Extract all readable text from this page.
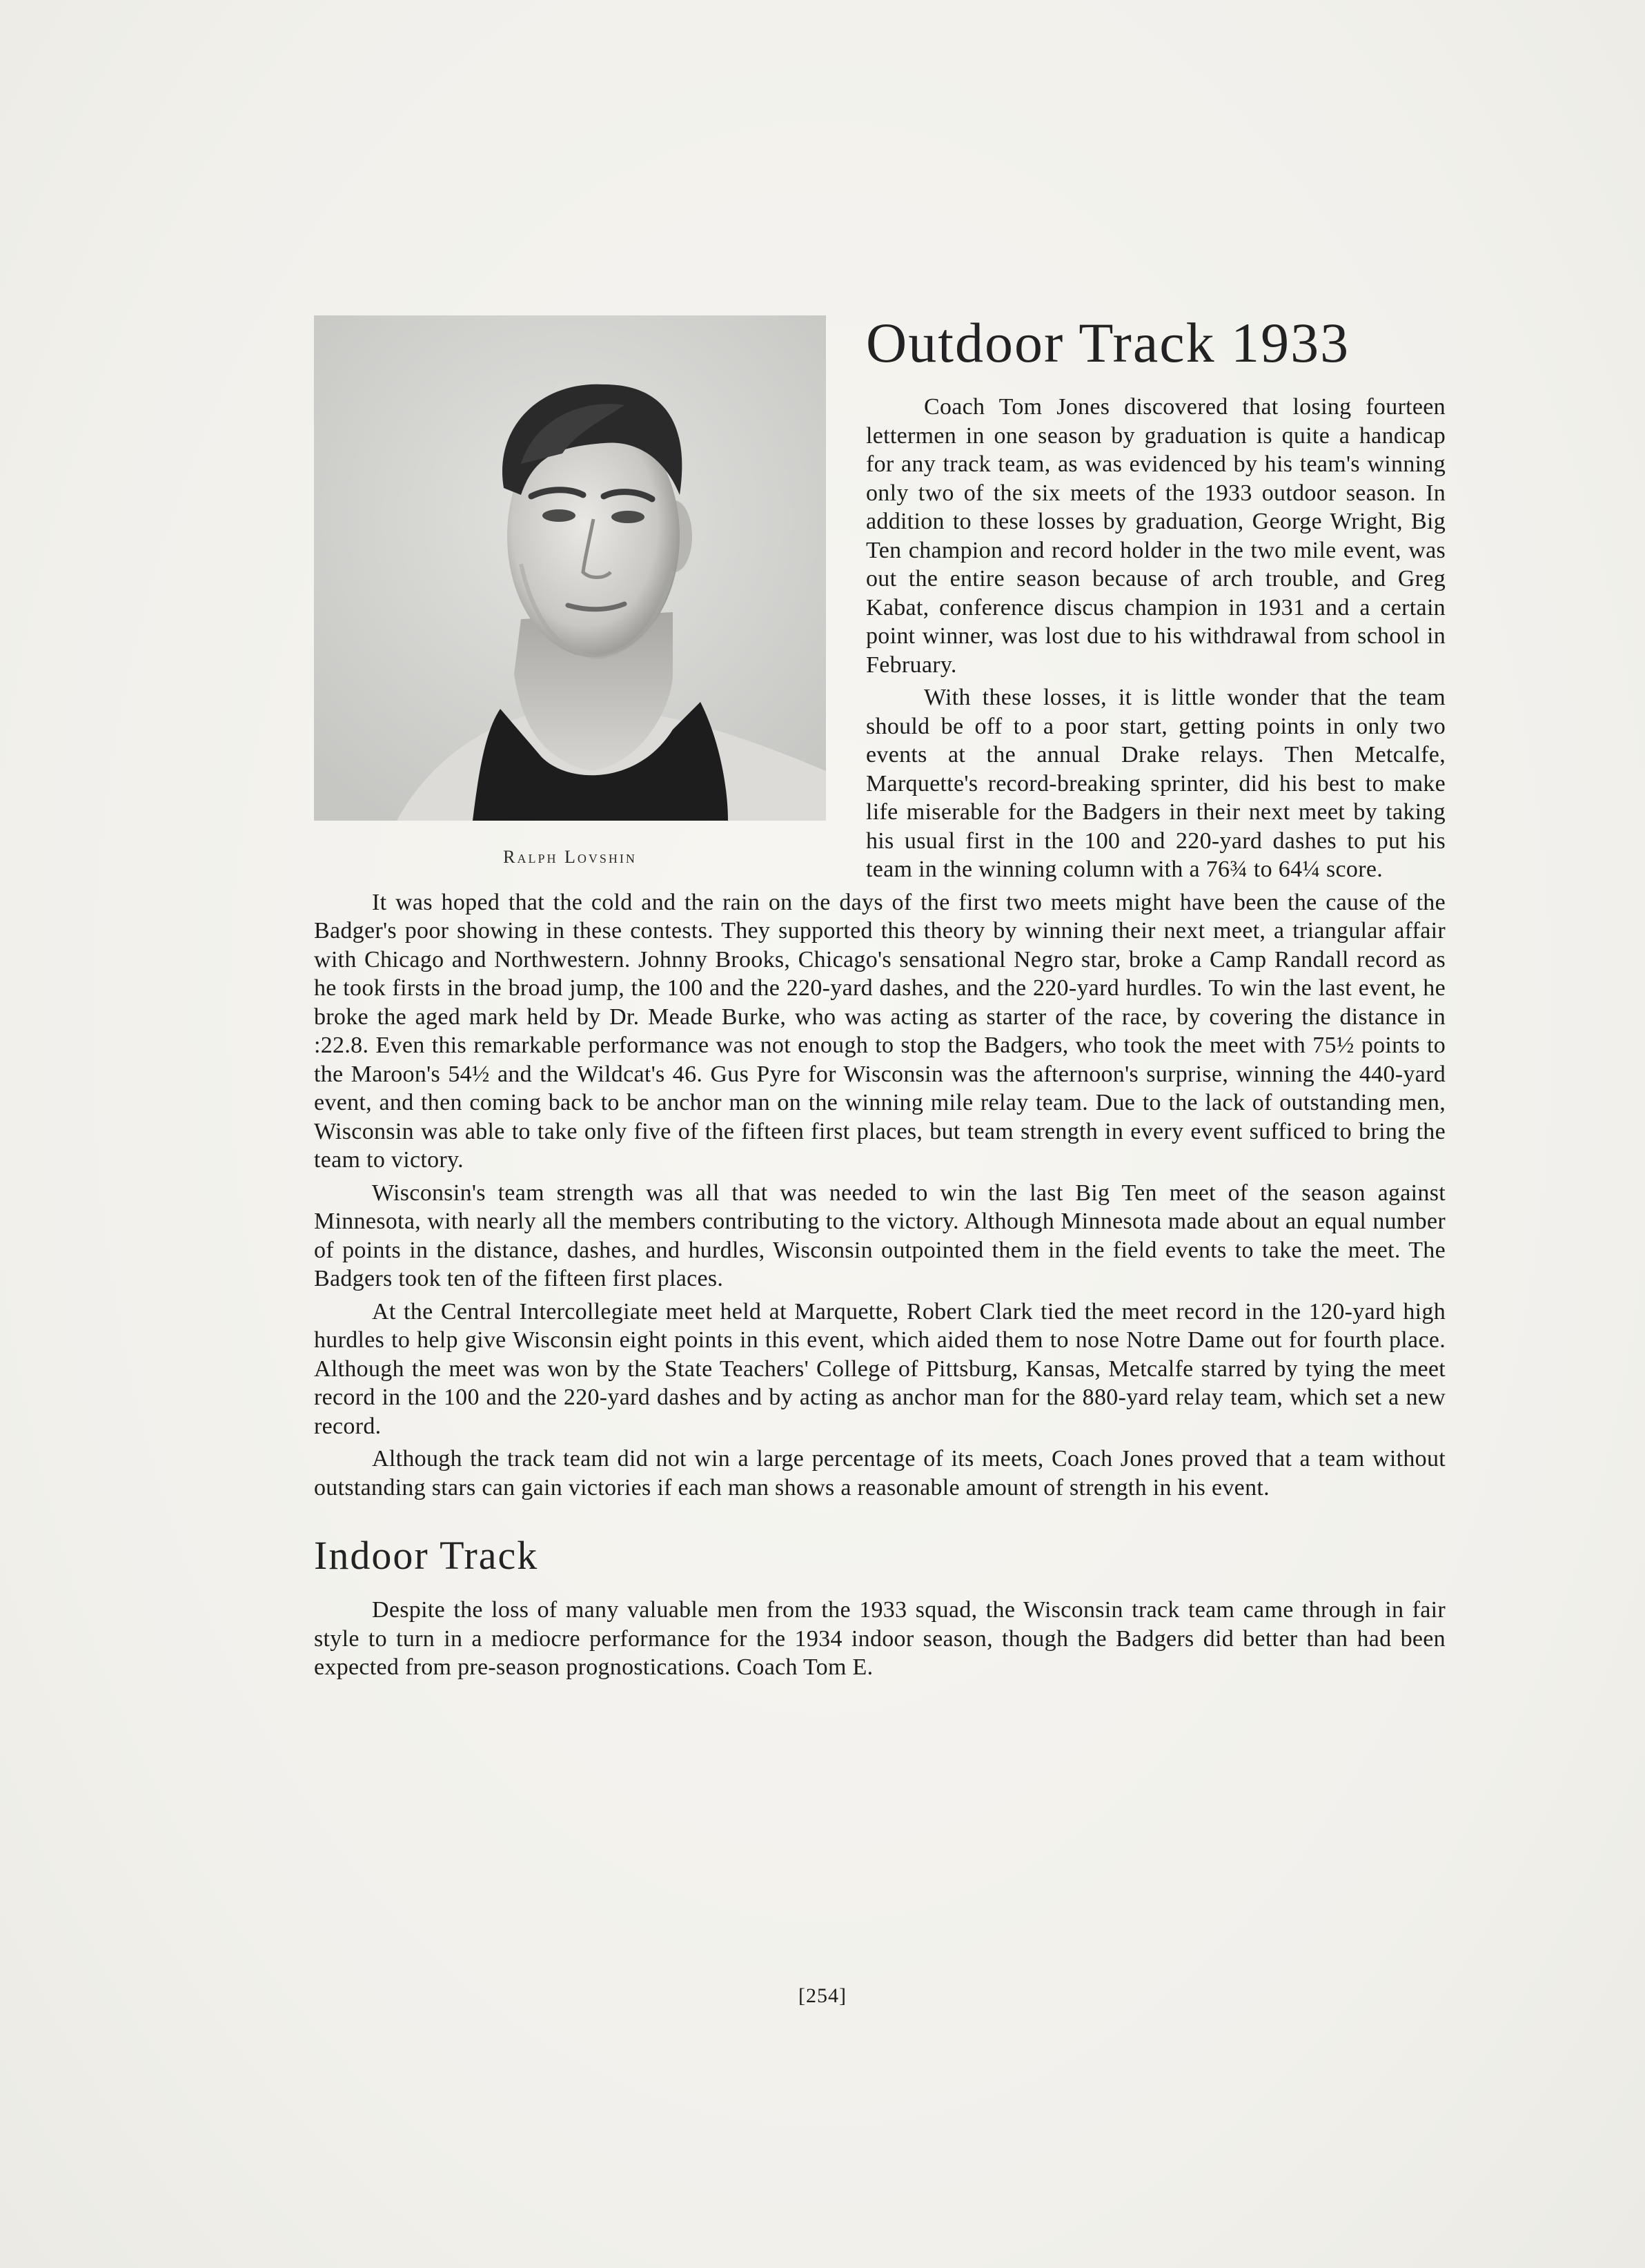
Ralph Lovshin
Outdoor Track 1933

Coach Tom Jones discovered that losing fourteen lettermen in one season by graduation is quite a handicap for any track team, as was evidenced by his team's winning only two of the six meets of the 1933 outdoor season. In addition to these losses by graduation, George Wright, Big Ten champion and record holder in the two mile event, was out the entire season because of arch trouble, and Greg Kabat, conference discus champion in 1931 and a certain point winner, was lost due to his withdrawal from school in February.

With these losses, it is little wonder that the team should be off to a poor start, getting points in only two events at the annual Drake relays. Then Metcalfe, Marquette's record-breaking sprinter, did his best to make life miserable for the Badgers in their next meet by taking his usual first in the 100 and 220-yard dashes to put his team in the winning column with a 76¾ to 64¼ score.

It was hoped that the cold and the rain on the days of the first two meets might have been the cause of the Badger's poor showing in these contests. They supported this theory by winning their next meet, a triangular affair with Chicago and Northwestern. Johnny Brooks, Chicago's sensational Negro star, broke a Camp Randall record as he took firsts in the broad jump, the 100 and the 220-yard dashes, and the 220-yard hurdles. To win the last event, he broke the aged mark held by Dr. Meade Burke, who was acting as starter of the race, by covering the distance in :22.8. Even this remarkable performance was not enough to stop the Badgers, who took the meet with 75½ points to the Maroon's 54½ and the Wildcat's 46. Gus Pyre for Wisconsin was the afternoon's surprise, winning the 440-yard event, and then coming back to be anchor man on the winning mile relay team. Due to the lack of outstanding men, Wisconsin was able to take only five of the fifteen first places, but team strength in every event sufficed to bring the team to victory.

Wisconsin's team strength was all that was needed to win the last Big Ten meet of the season against Minnesota, with nearly all the members contributing to the victory. Although Minnesota made about an equal number of points in the distance, dashes, and hurdles, Wisconsin outpointed them in the field events to take the meet. The Badgers took ten of the fifteen first places.

At the Central Intercollegiate meet held at Marquette, Robert Clark tied the meet record in the 120-yard high hurdles to help give Wisconsin eight points in this event, which aided them to nose Notre Dame out for fourth place. Although the meet was won by the State Teachers' College of Pittsburg, Kansas, Metcalfe starred by tying the meet record in the 100 and the 220-yard dashes and by acting as anchor man for the 880-yard relay team, which set a new record.

Although the track team did not win a large percentage of its meets, Coach Jones proved that a team without outstanding stars can gain victories if each man shows a reasonable amount of strength in his event.

Indoor Track

Despite the loss of many valuable men from the 1933 squad, the Wisconsin track team came through in fair style to turn in a mediocre performance for the 1934 indoor season, though the Badgers did better than had been expected from pre-season prognostications. Coach Tom E.

[254]
